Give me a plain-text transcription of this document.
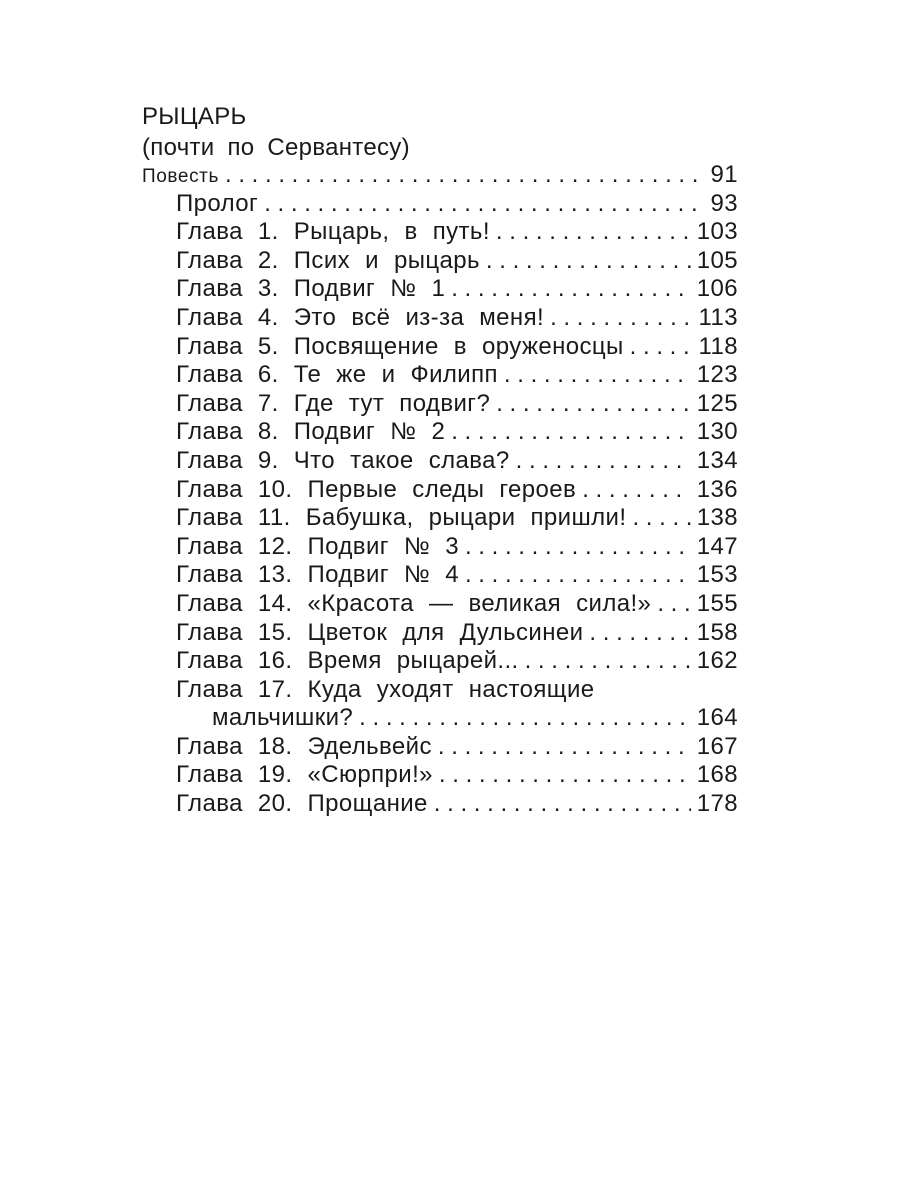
РЫЦАРЬ
(почти по Сервантесу)
Повесть . . .	91
Пролог . . .	93
Глава 1. Рыцарь, в путь! . . .	103
Глава 2. Псих и рыцарь . . .	105
Глава 3. Подвиг № 1 . . .	106
Глава 4. Это всё из-за меня! . . .	113
Глава 5. Посвящение в оруженосцы . . .	118
Глава 6. Те же и Филипп . . .	123
Глава 7. Где тут подвиг? . . .	125
Глава 8. Подвиг № 2 . . .	130
Глава 9. Что такое слава? . . .	134
Глава 10. Первые следы героев . . .	136
Глава 11. Бабушка, рыцари пришли! . . .	138
Глава 12. Подвиг № 3 . . .	147
Глава 13. Подвиг № 4 . . .	153
Глава 14. «Красота — великая сила!» . . . 155
Глава 15. Цветок для Дульсинеи . . .	158
Глава 16. Время рыцарей... . . .	162
Глава 17. Куда уходят настоящие
мальчишки? . . .	164
Глава 18. Эдельвейс . . .	167
Глава 19. «Сюрпри!» . . .	168
Глава 20. Прощание . . .	178
